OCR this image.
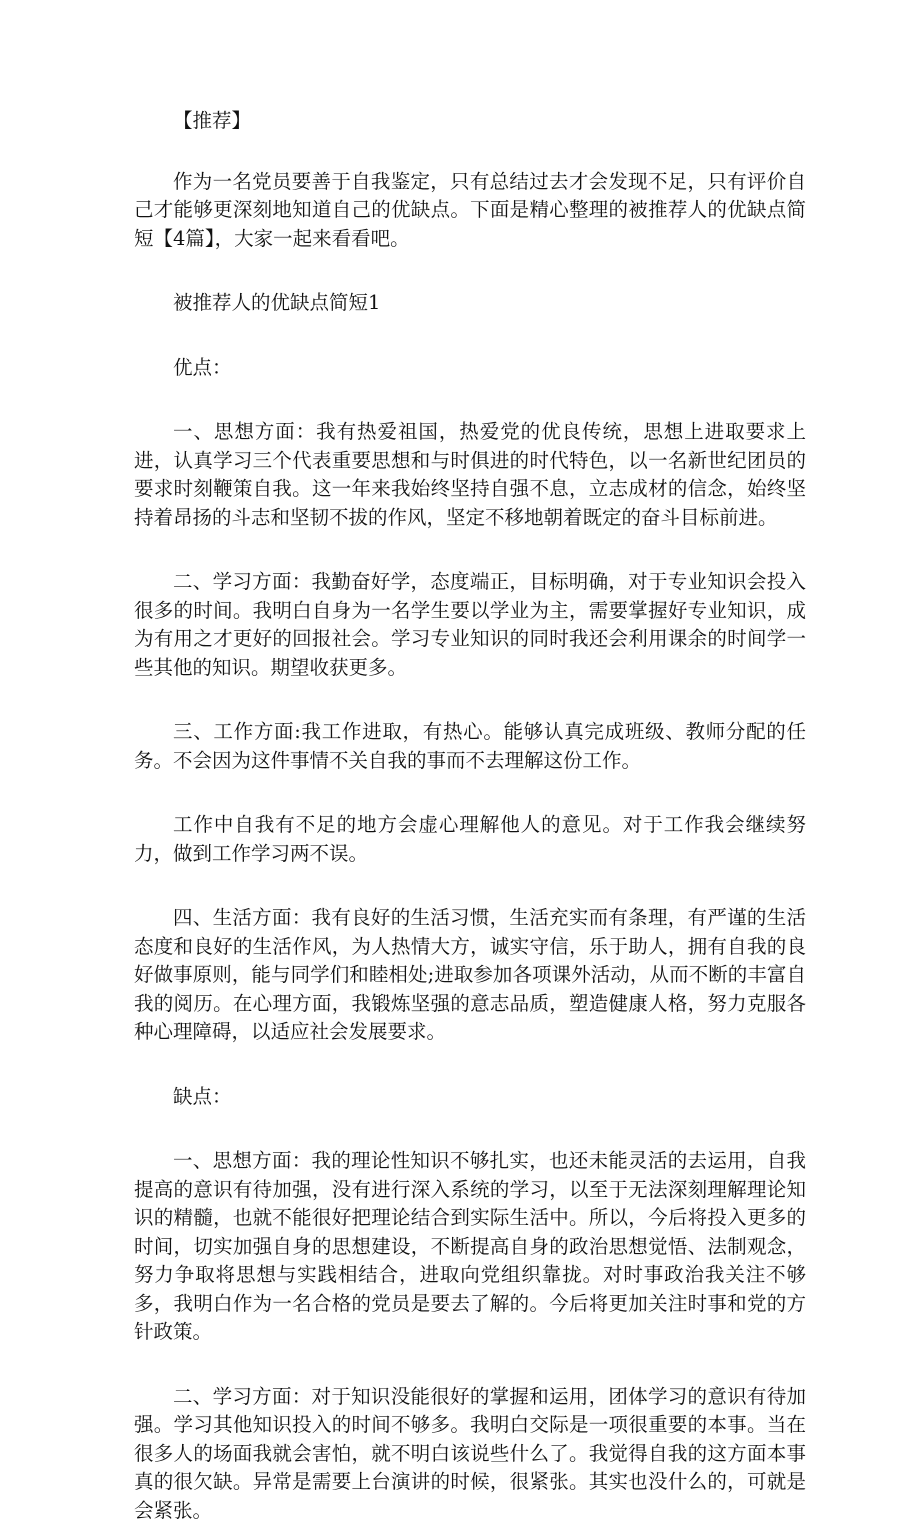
【推荐】

作为一名党员要善于自我鉴定，只有总结过去才会发现不足，只有评价自己才能够更深刻地知道自己的优缺点。下面是精心整理的被推荐人的优缺点简短【4篇】，大家一起来看看吧。

被推荐人的优缺点简短1

优点：

一、思想方面：我有热爱祖国，热爱党的优良传统，思想上进取要求上进，认真学习三个代表重要思想和与时俱进的时代特色，以一名新世纪团员的要求时刻鞭策自我。这一年来我始终坚持自强不息，立志成材的信念，始终坚持着昂扬的斗志和坚韧不拔的作风，坚定不移地朝着既定的奋斗目标前进。

二、学习方面：我勤奋好学，态度端正，目标明确，对于专业知识会投入很多的时间。我明白自身为一名学生要以学业为主，需要掌握好专业知识，成为有用之才更好的回报社会。学习专业知识的同时我还会利用课余的时间学一些其他的知识。期望收获更多。

三、工作方面:我工作进取，有热心。能够认真完成班级、教师分配的任务。不会因为这件事情不关自我的事而不去理解这份工作。

工作中自我有不足的地方会虚心理解他人的意见。对于工作我会继续努力，做到工作学习两不误。

四、生活方面：我有良好的生活习惯，生活充实而有条理，有严谨的生活态度和良好的生活作风，为人热情大方，诚实守信，乐于助人，拥有自我的良好做事原则，能与同学们和睦相处;进取参加各项课外活动，从而不断的丰富自我的阅历。在心理方面，我锻炼坚强的意志品质，塑造健康人格，努力克服各种心理障碍，以适应社会发展要求。

缺点：

一、思想方面：我的理论性知识不够扎实，也还未能灵活的去运用，自我提高的意识有待加强，没有进行深入系统的学习，以至于无法深刻理解理论知识的精髓，也就不能很好把理论结合到实际生活中。所以，今后将投入更多的时间，切实加强自身的思想建设，不断提高自身的政治思想觉悟、法制观念，努力争取将思想与实践相结合，进取向党组织靠拢。对时事政治我关注不够多，我明白作为一名合格的党员是要去了解的。今后将更加关注时事和党的方针政策。

二、学习方面：对于知识没能很好的掌握和运用，团体学习的意识有待加强。学习其他知识投入的时间不够多。我明白交际是一项很重要的本事。当在很多人的场面我就会害怕，就不明白该说些什么了。我觉得自我的这方面本事真的很欠缺。异常是需要上台演讲的时候，很紧张。其实也没什么的，可就是会紧张。
